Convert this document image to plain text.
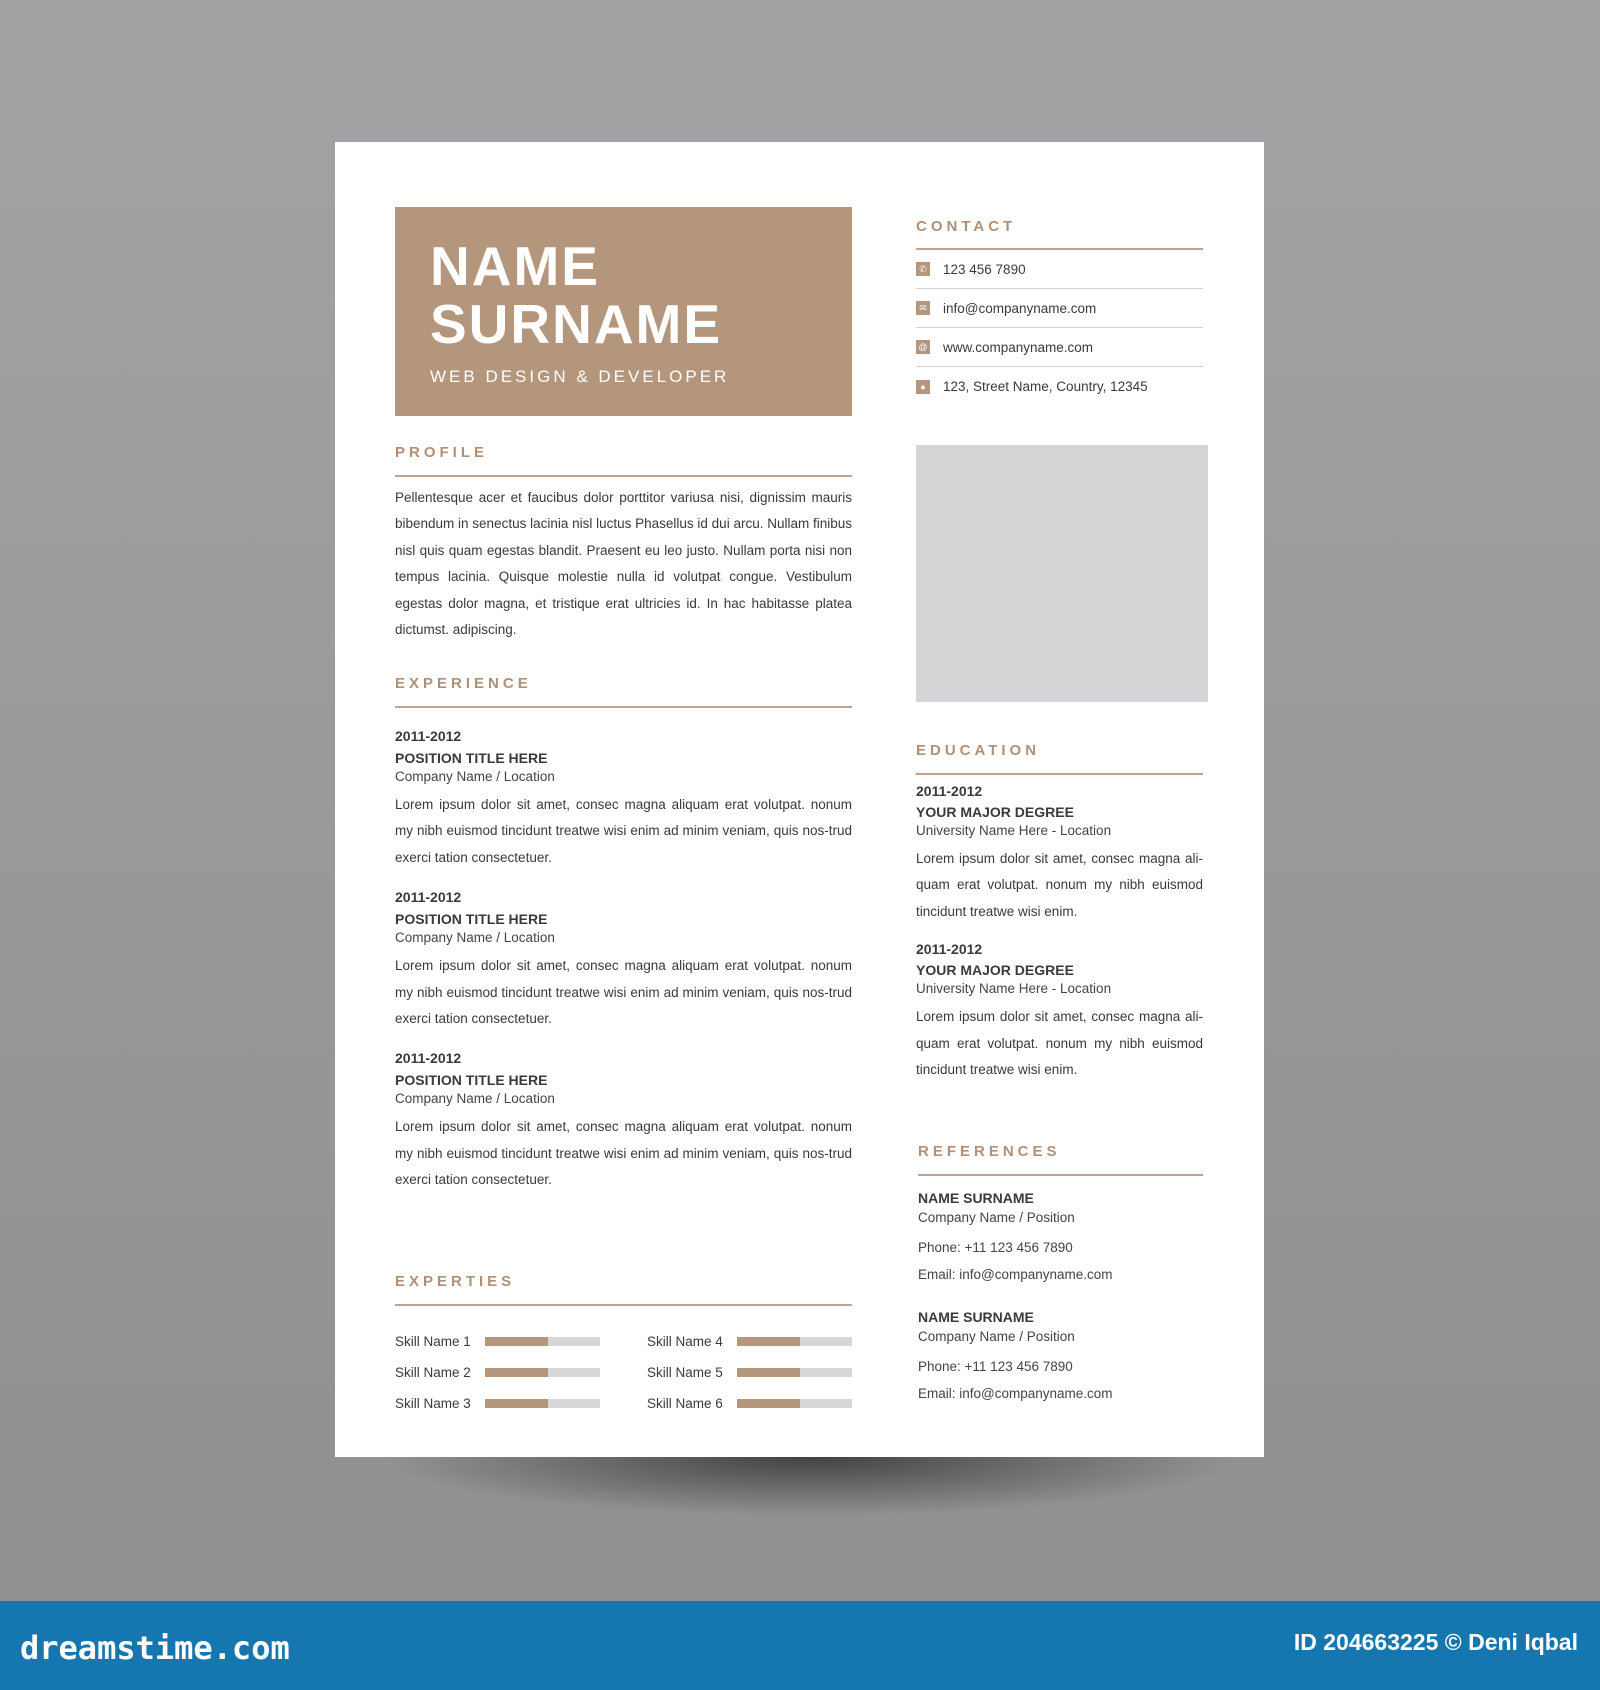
NAME
SURNAME
WEB DESIGN & DEVELOPER
PROFILE
Pellentesque acer et faucibus dolor porttitor variusa nisi, dignissim mauris bibendum in senectus lacinia nisl luctus Phasellus id dui arcu. Nullam finibus nisl quis quam egestas blandit. Praesent eu leo justo. Nullam porta nisi non tempus lacinia. Quisque molestie nulla id volutpat congue. Vestibulum egestas dolor magna, et tristique erat ultricies id. In hac habitasse platea dictumst. adipiscing.
EXPERIENCE
2011-2012
POSITION TITLE HERE
Company Name / Location
Lorem ipsum dolor sit amet, consec magna aliquam erat volutpat. nonum my nibh euismod tincidunt treatwe wisi enim ad minim veniam, quis nos-trud exerci tation consectetuer.
2011-2012
POSITION TITLE HERE
Company Name / Location
Lorem ipsum dolor sit amet, consec magna aliquam erat volutpat. nonum my nibh euismod tincidunt treatwe wisi enim ad minim veniam, quis nos-trud exerci tation consectetuer.
2011-2012
POSITION TITLE HERE
Company Name / Location
Lorem ipsum dolor sit amet, consec magna aliquam erat volutpat. nonum my nibh euismod tincidunt treatwe wisi enim ad minim veniam, quis nos-trud exerci tation consectetuer.
EXPERTIES
Skill Name 1
Skill Name 2
Skill Name 3
Skill Name 4
Skill Name 5
Skill Name 6
CONTACT
✆ 123 456 7890
✉ info@companyname.com
@ www.companyname.com
●	123, Street Name, Country, 12345
EDUCATION
2011-2012
YOUR MAJOR DEGREE
University Name Here - Location
Lorem ipsum dolor sit amet, consec magna ali-quam erat volutpat. nonum my nibh euismod tincidunt treatwe wisi enim.
2011-2012
YOUR MAJOR DEGREE
University Name Here - Location
Lorem ipsum dolor sit amet, consec magna ali-quam erat volutpat. nonum my nibh euismod tincidunt treatwe wisi enim.
REFERENCES
NAME SURNAME
Company Name / Position
Phone: +11 123 456 7890
Email: info@companyname.com
NAME SURNAME
Company Name / Position
Phone: +11 123 456 7890
Email: info@companyname.com
dreamstime.com	ID 204663225 © Deni Iqbal
